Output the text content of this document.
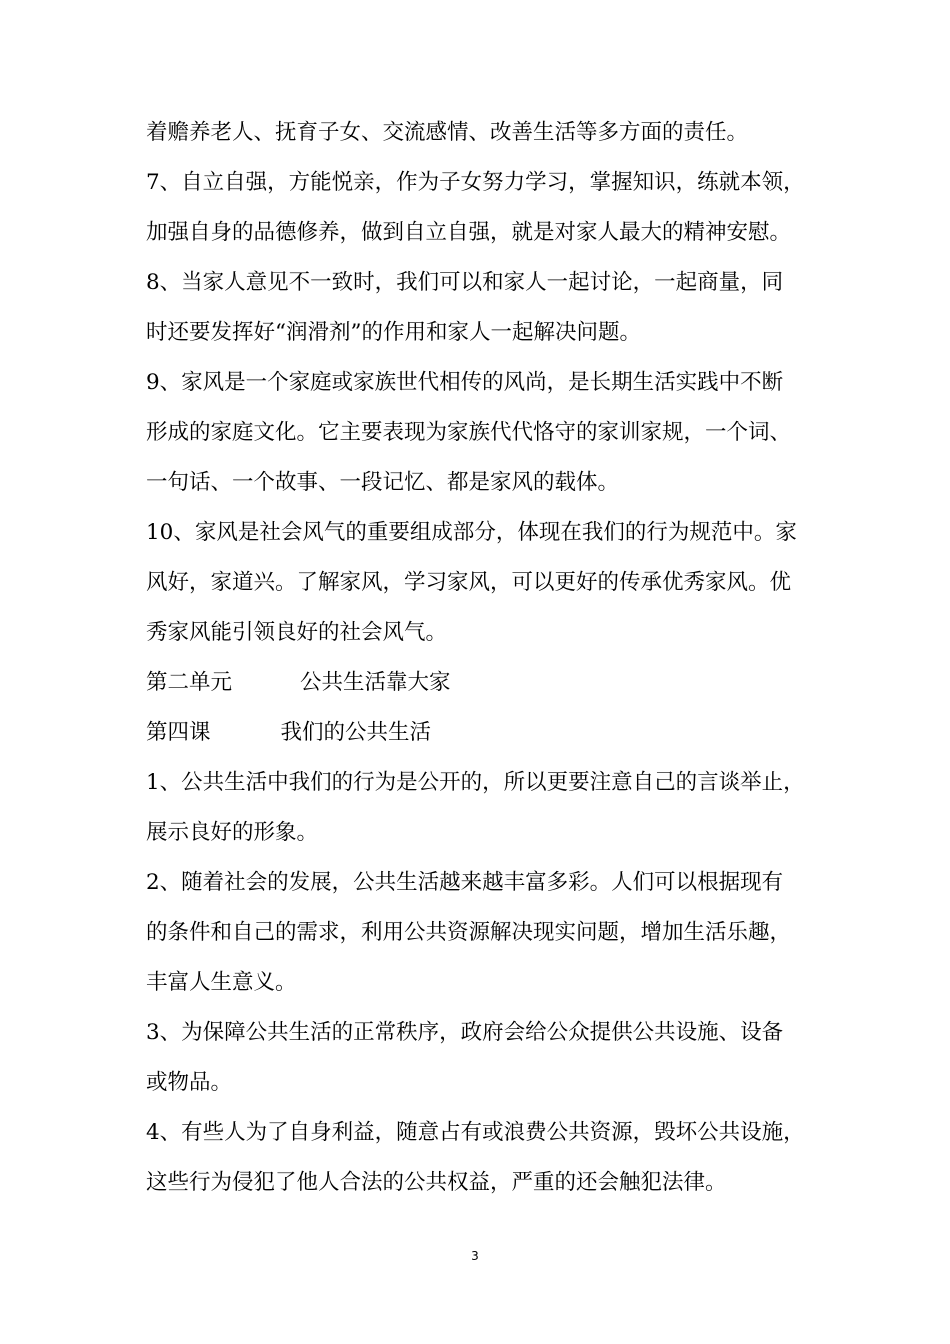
着赡养老人、抚育子女、交流感情、改善生活等多方面的责任。
7、自立自强，方能悦亲，作为子女努力学习，掌握知识，练就本领，
加强自身的品德修养，做到自立自强，就是对家人最大的精神安慰。
8、当家人意见不一致时，我们可以和家人一起讨论，一起商量，同
时还要发挥好“润滑剂”的作用和家人一起解决问题。
9、家风是一个家庭或家族世代相传的风尚，是长期生活实践中不断
形成的家庭文化。它主要表现为家族代代恪守的家训家规，一个词、
一句话、一个故事、一段记忆、都是家风的载体。
10、家风是社会风气的重要组成部分，体现在我们的行为规范中。家
风好，家道兴。了解家风，学习家风，可以更好的传承优秀家风。优
秀家风能引领良好的社会风气。
第二单元	公共生活靠大家
第四课	我们的公共生活
1、公共生活中我们的行为是公开的，所以更要注意自己的言谈举止，
展示良好的形象。
2、随着社会的发展，公共生活越来越丰富多彩。人们可以根据现有
的条件和自己的需求，利用公共资源解决现实问题，增加生活乐趣，
丰富人生意义。
3、为保障公共生活的正常秩序，政府会给公众提供公共设施、设备
或物品。
4、有些人为了自身利益，随意占有或浪费公共资源，毁坏公共设施，
这些行为侵犯了他人合法的公共权益，严重的还会触犯法律。
3
